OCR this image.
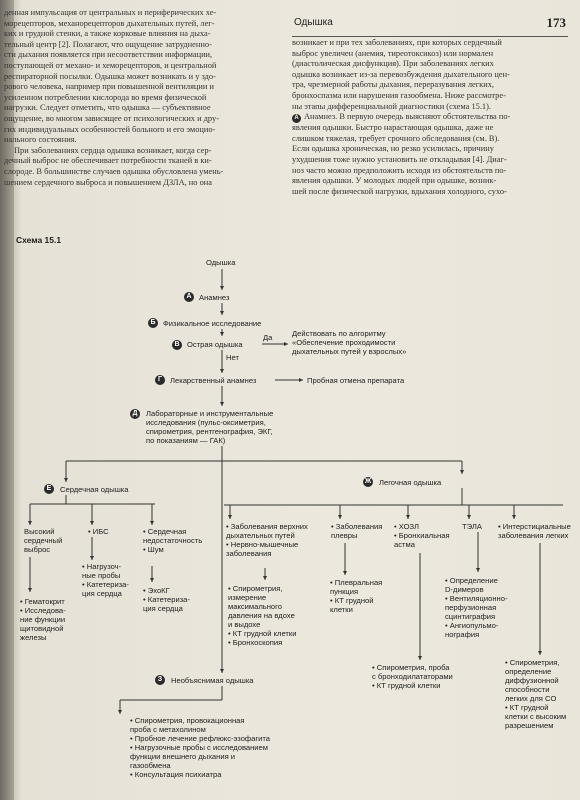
Одышка	173
денная импульсация от центральных и периферических хе-
морецепторов, механорецепторов дыхательных путей, лег-
ких и грудной стенки, а также корковые влияния на дыха-
тельный центр [2]. Полагают, что ощущение затрудненно-
сти дыхания появляется при несоответствии информации,
поступающей от механо- и хеморецепторов, и центральной
респираторной посылки. Одышка может возникать и у здо-
рового человека, например при повышенной вентиляции и
усиленном потреблении кислорода во время физической
нагрузки. Следует отметить, что одышка — субъективное
ощущение, во многом зависящее от психологических и дру-
гих индивидуальных особенностей больного и его эмоцио-
нального состояния.
При заболеваниях сердца одышка возникает, когда сер-
дечный выброс не обеспечивает потребности тканей в ки-
слороде. В большинстве случаев одышка обусловлена умень-
шением сердечного выброса и повышением ДЗЛА, но она
возникает и при тех заболеваниях, при которых сердечный
выброс увеличен (анемия, тиреотоксикоз) или нормален
(диастолическая дисфункция). При заболеваниях легких
одышка возникает из-за перевозбуждения дыхательного цен-
тра, чрезмерной работы дыхания, переразувания легких,
бронхоспазма или нарушения газообмена. Ниже рассмотре-
ны этапы дифференциальной диагностики (схема 15.1).
А Анамнез. В первую очередь выясняют обстоятельства по-
явления одышки. Быстро нарастающая одышка, даже не
слишком тяжелая, требует срочного обследования (см. В).
Если одышка хроническая, но резко усилилась, причину
ухудшения тоже нужно установить не откладывая [4]. Диаг-
ноз часто можно предположить исходя из обстоятельств по-
явления одышки. У молодых людей при одышке, возник-
шей после физической нагрузки, вдыхания холодного, сухо-
Схема 15.1
Одышка
А Анамнез
Б Физикальное исследование
В Острая одышка
Да	Действовать по алгоритму
«Обеспечение проходимости
дыхательных путей у взрослых»
Нет
Г	Лекарственный анамнез	Пробная отмена препарата
Д	Лабораторные и инструментальные
исследования (пульс-оксиметрия,
спирометрия, рентгенография, ЭКГ,
по показаниям — ГАК)
Е	Сердечная одышка
Ж Легочная одышка
Высокий
сердечный
выброс
• ИБС	• Сердечная
недостаточность
• Шум
• Гематокрит
• Исследова-
ние функции
щитовидной
железы
• Нагрузоч-
ные пробы
• Катетериза-
ция сердца	• ЭхоКГ
• Катетериза-
ция сердца
• Заболевания верхних
дыхательных путей
• Нервно-мышечные
заболевания
• Заболевания
плевры
• ХОЗЛ
• Бронхиальная
астма
ТЭЛА	• Интерстициальные
заболевания легких
• Спирометрия,
измерение
максимального
давления на вдохе
и выдохе
• КТ грудной клетки
• Бронхоскопия
• Плевральная
пункция
• КТ грудной
клетки
• Спирометрия, проба
с бронходилататорами
• КТ грудной клетки
• Определение
D-димеров
• Вентиляционно-
перфузионная
сцинтиграфия
• Ангиопульмо-
нография
• Спирометрия,
определение
диффузионной
способности
легких для CO
• КТ грудной
клетки с высоким
разрешением
З	Необъяснимая одышка
• Спирометрия, провокационная
проба с метахолином
• Пробное лечение рефлюкс-эзофагита
• Нагрузочные пробы с исследованием
функции внешнего дыхания и
газообмена
• Консультация психиатра
